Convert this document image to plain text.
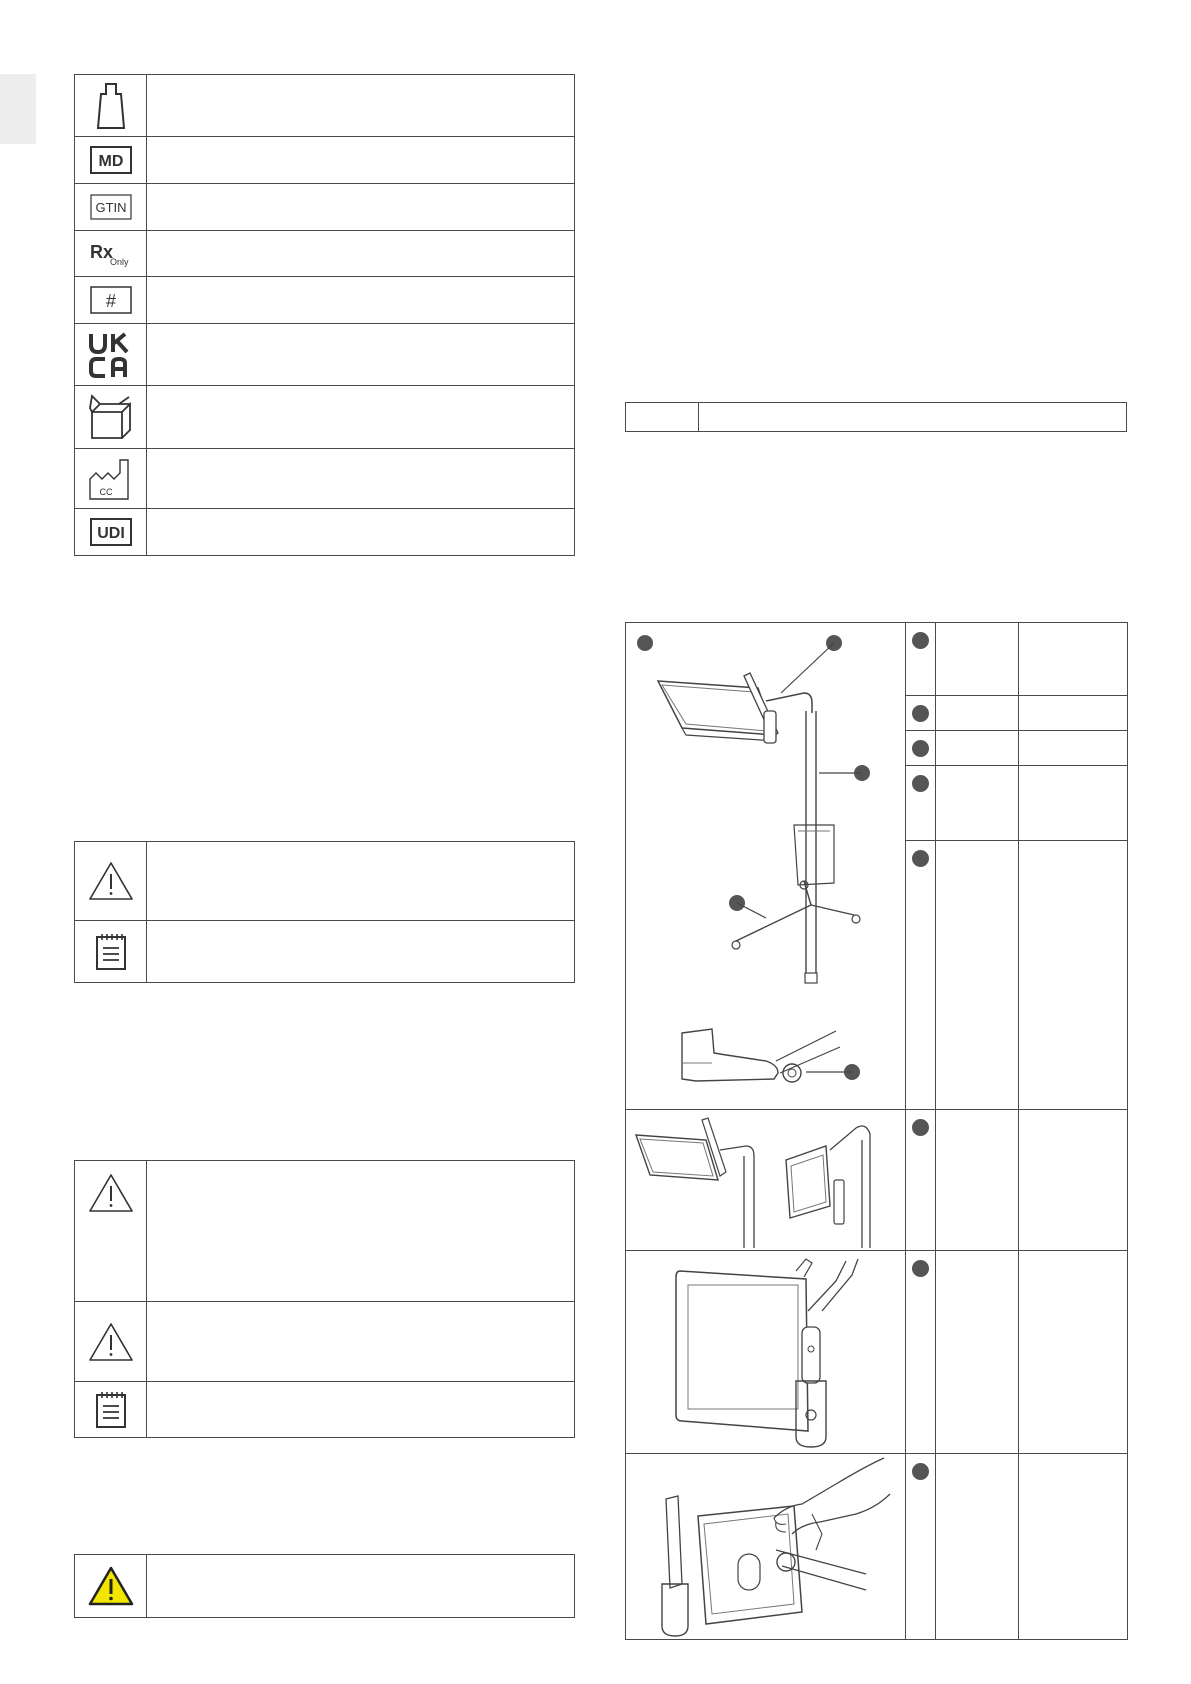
MD	

GTIN	

Rx
Only	

#	

CC	

UDI	
